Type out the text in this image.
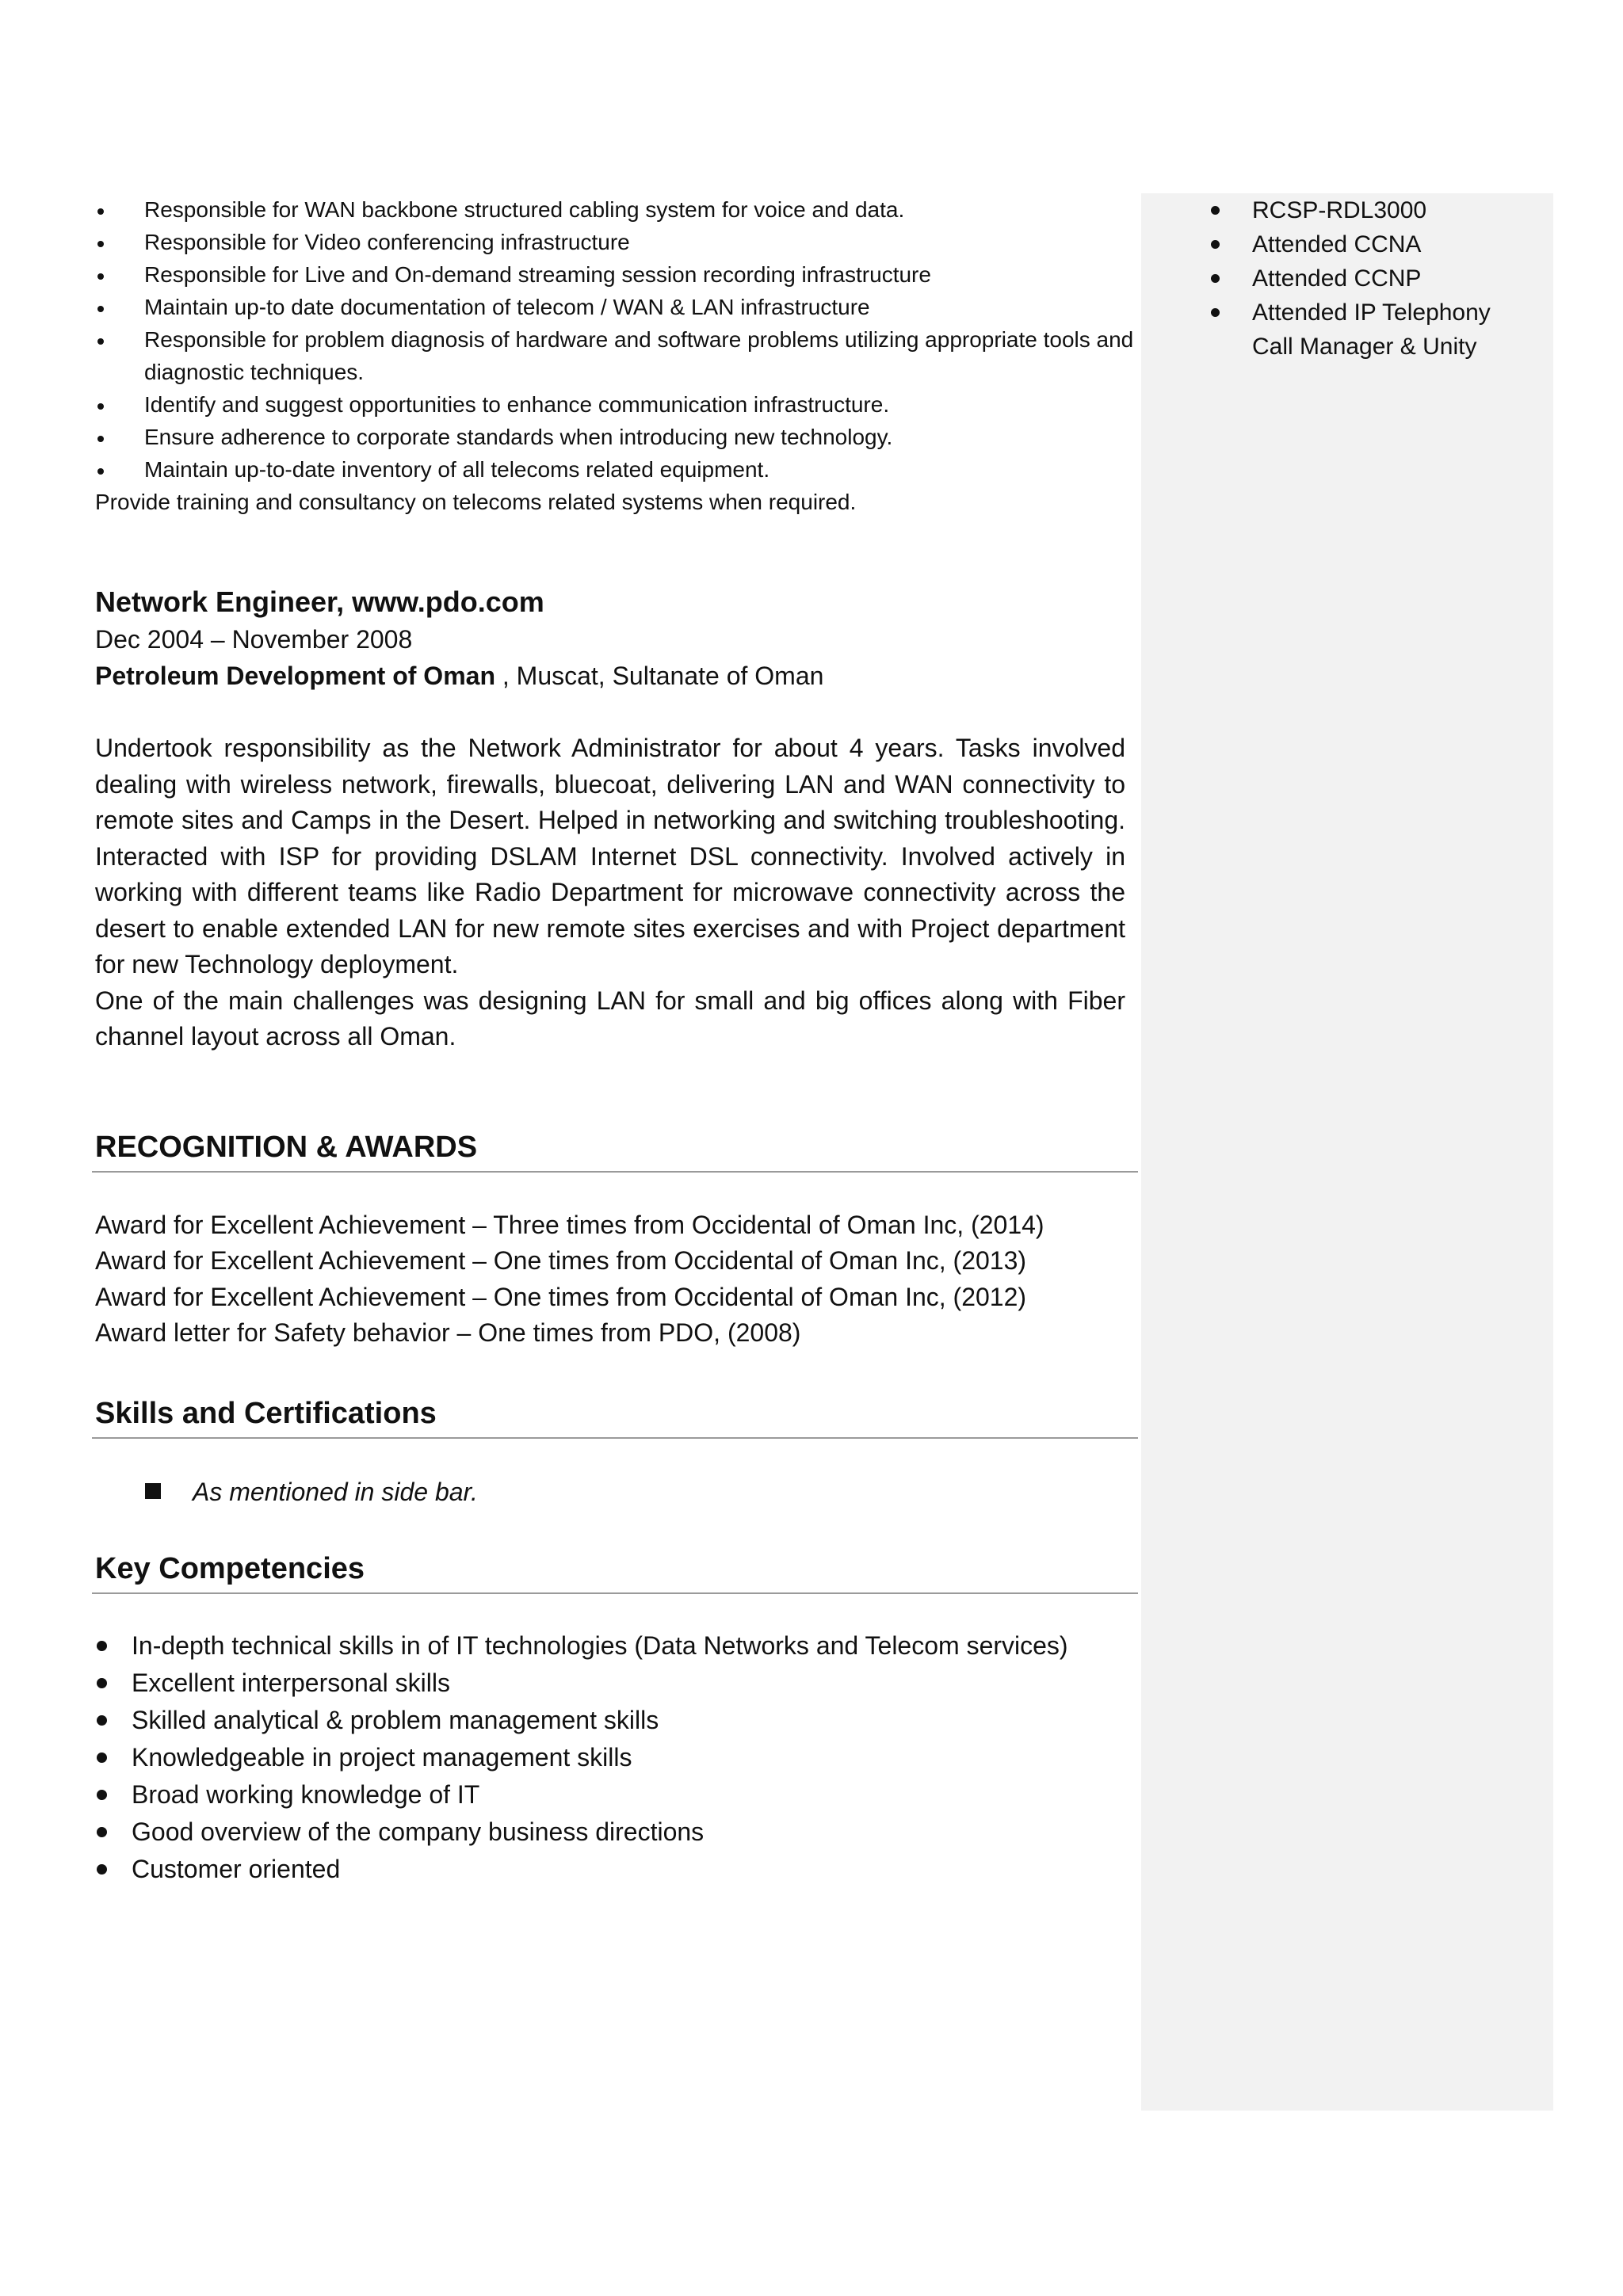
RCSP-RDL3000
Attended CCNA
Attended CCNP
Attended IP Telephony Call Manager & Unity
Responsible for WAN backbone structured cabling system for voice and data.
Responsible for Video conferencing infrastructure
Responsible for Live and On-demand streaming session recording infrastructure
Maintain up-to date documentation of telecom / WAN & LAN infrastructure
Responsible for problem diagnosis of hardware and software problems utilizing appropriate tools and diagnostic techniques.
Identify and suggest opportunities to enhance communication infrastructure.
Ensure adherence to corporate standards when introducing new technology.
Maintain up-to-date inventory of all telecoms related equipment.

Provide training and consultancy on telecoms related systems when required.

Network Engineer, www.pdo.com

Dec 2004 – November 2008

Petroleum Development of Oman , Muscat, Sultanate of Oman

Undertook responsibility as the Network Administrator for about 4 years. Tasks involved dealing with wireless network, firewalls, bluecoat, delivering LAN and WAN connectivity to remote sites and Camps in the Desert. Helped in networking and switching troubleshooting. Interacted with ISP for providing DSLAM Internet DSL connectivity. Involved actively in working with different teams like Radio Department for microwave connectivity across the desert to enable extended LAN for new remote sites exercises and with Project department for new Technology deployment.

One of the main challenges was designing LAN for small and big offices along with Fiber channel layout across all Oman.

RECOGNITION & AWARDS
Award for Excellent Achievement – Three times from Occidental of Oman Inc, (2014)
Award for Excellent Achievement – One times from Occidental of Oman Inc, (2013)
Award for Excellent Achievement – One times from Occidental of Oman Inc, (2012)
Award letter for Safety behavior – One times from PDO, (2008)
Skills and Certifications
As mentioned in side bar.
Key Competencies
In-depth technical skills in of IT technologies (Data Networks and Telecom services)
Excellent interpersonal skills
Skilled analytical & problem management skills
Knowledgeable in project management skills
Broad working knowledge of IT
Good overview of the company business directions
Customer oriented
